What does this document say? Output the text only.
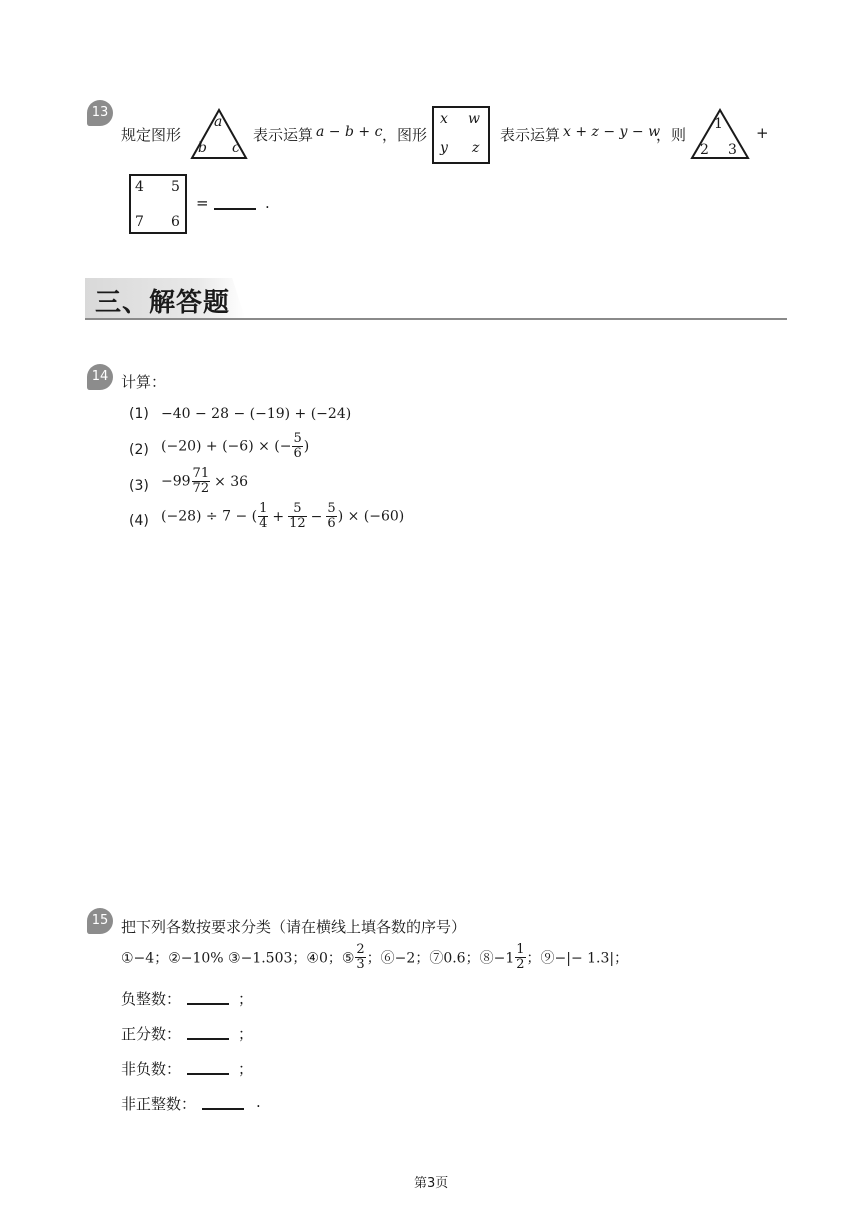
13
规定图形
a
b c
表示运算 a − b + c ，图形
x w
y z
表示运算 x + z − y − w
，则
1
2 3
+
4 5
7 6
=	.
三、解答题
14 计算：
(1) −40 − 28 − (−19) + (−24)
(2) (−20) + (−6) × (− $\frac{5}{6}$ )
$(3) -99 \frac{71}{72} \times 36$
(4) (−28) ÷ 7 − ( $\frac{1}{4} + \frac{5}{12} - \frac{5}{6}$ ) × (−60)
15 把下列各数按要求分类（请在横线上填各数的序号）
①−4；②−10% ③−1.503；④0；⑤ $\frac{2}{3}$ ；⑥−2；⑦0.6；⑧−1 $\frac{1}{2}$ ；⑨−|− 1.3|；
负整数：	；
正分数：	；
非负数：	；
非正整数：	.
第3页
